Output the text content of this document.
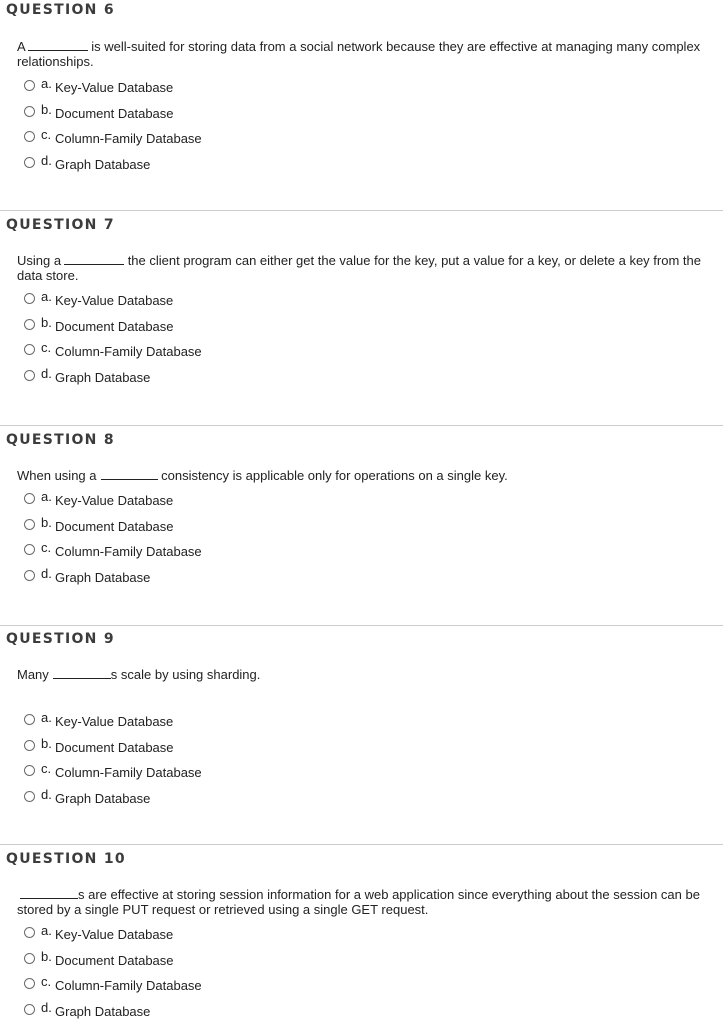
QUESTION 6
A	is well-suited for storing data from a social network because they are effective at managing many complex relationships.
a. Key-Value Database
b. Document Database
c. Column-Family Database
d. Graph Database
QUESTION 7
Using a	the client program can either get the value for the key, put a value for a key, or delete a key from the data store.
a. Key-Value Database
b. Document Database
c. Column-Family Database
d. Graph Database
QUESTION 8
When using a	consistency is applicable only for operations on a single key.
a. Key-Value Database
b. Document Database
c. Column-Family Database
d. Graph Database
QUESTION 9
Many	s scale by using sharding.
a. Key-Value Database
b. Document Database
c. Column-Family Database
d. Graph Database
QUESTION 10
s are effective at storing session information for a web application since everything about the session can be stored by a single PUT request or retrieved using a single GET request.
a. Key-Value Database
b. Document Database
c. Column-Family Database
d. Graph Database
